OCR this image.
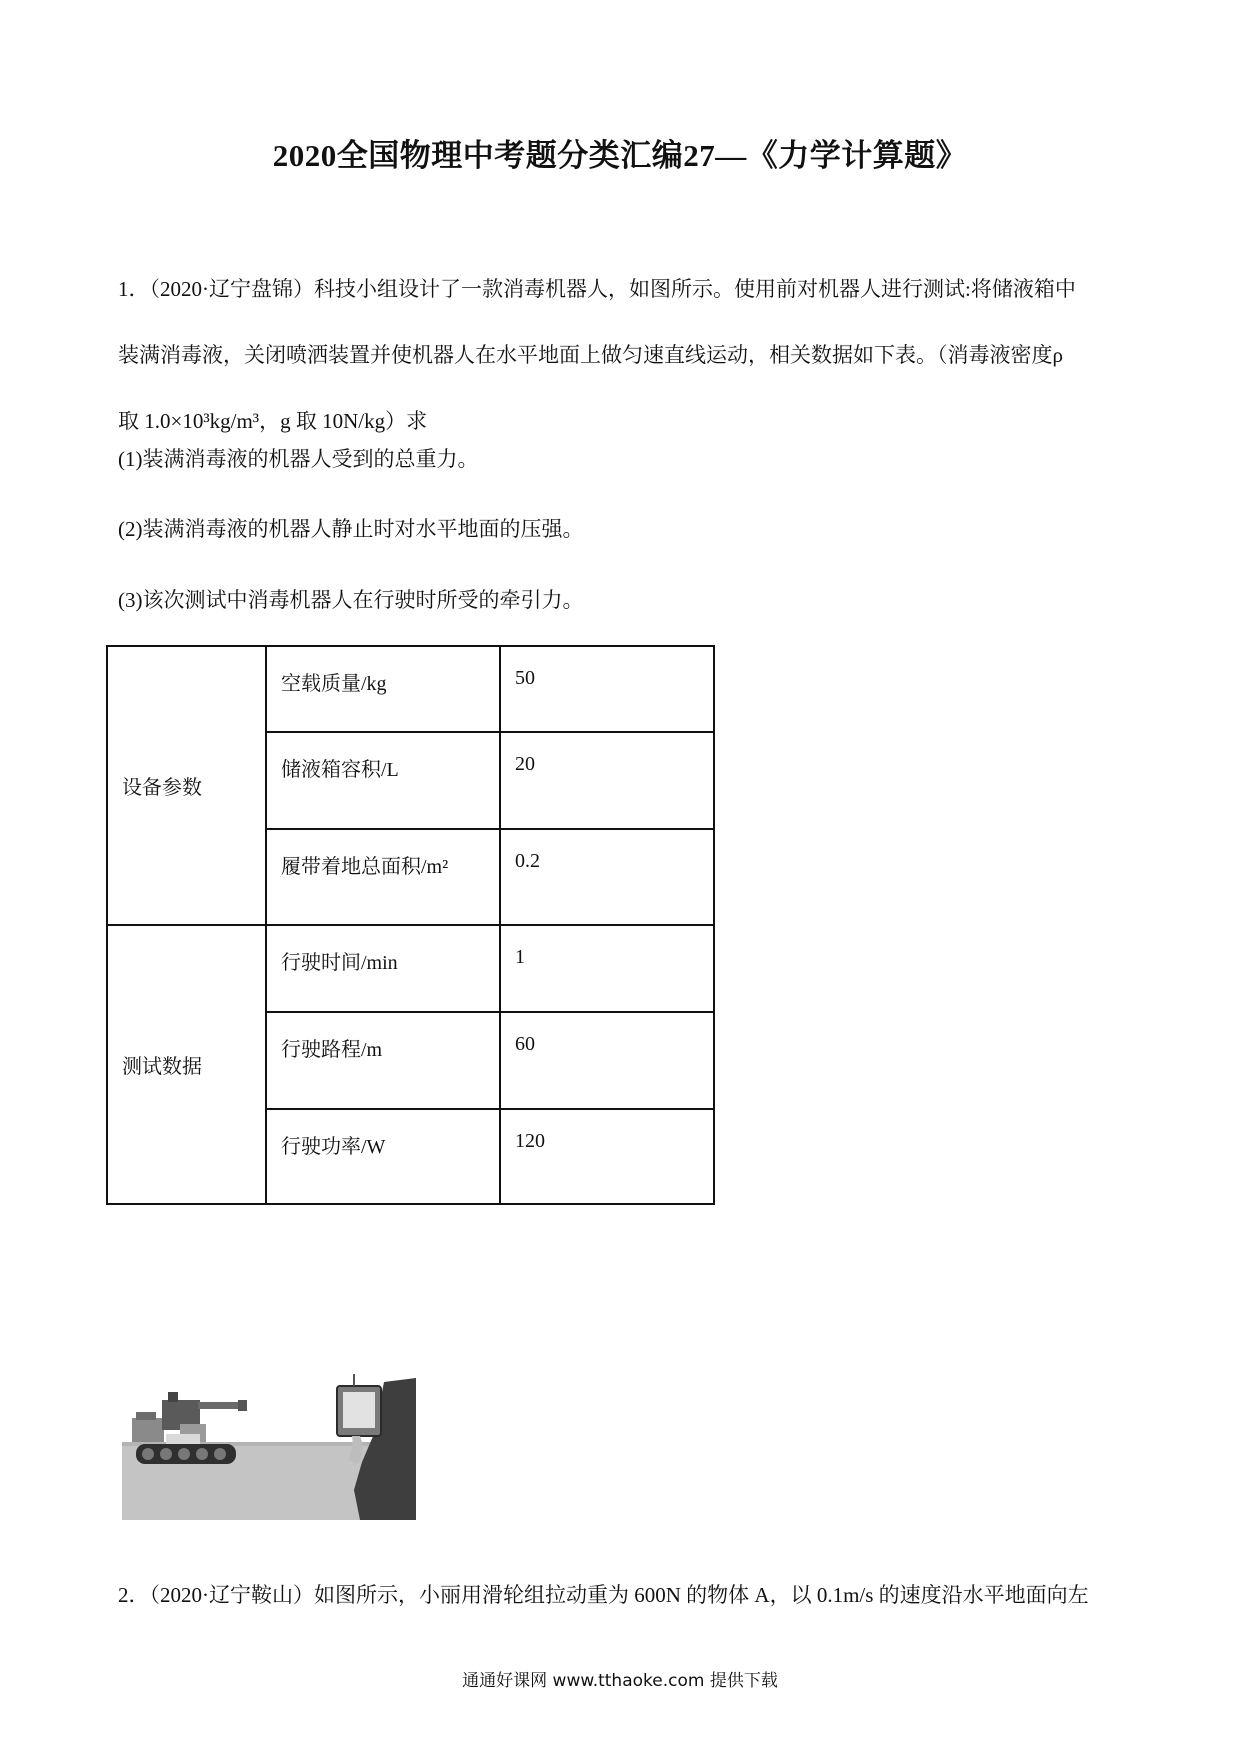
2020全国物理中考题分类汇编27—《力学计算题》

1．（2020·辽宁盘锦）科技小组设计了一款消毒机器人，如图所示。使用前对机器人进行测试:将储液箱中
装满消毒液，关闭喷洒装置并使机器人在水平地面上做匀速直线运动，相关数据如下表。（消毒液密度ρ
取 1.0×10³kg/m³，g 取 10N/kg）求

(1)装满消毒液的机器人受到的总重力。

(2)装满消毒液的机器人静止时对水平地面的压强。

(3)该次测试中消毒机器人在行驶时所受的牵引力。

设备参数	空载质量/kg	50
	储液箱容积/L	20
	履带着地总面积/m²	0.2
测试数据	行驶时间/min	1
	行驶路程/m	60
	行驶功率/W	120

2．（2020·辽宁鞍山）如图所示，小丽用滑轮组拉动重为 600N 的物体 A，以 0.1m/s 的速度沿水平地面向左

通通好课网 www.tthaoke.com 提供下载
